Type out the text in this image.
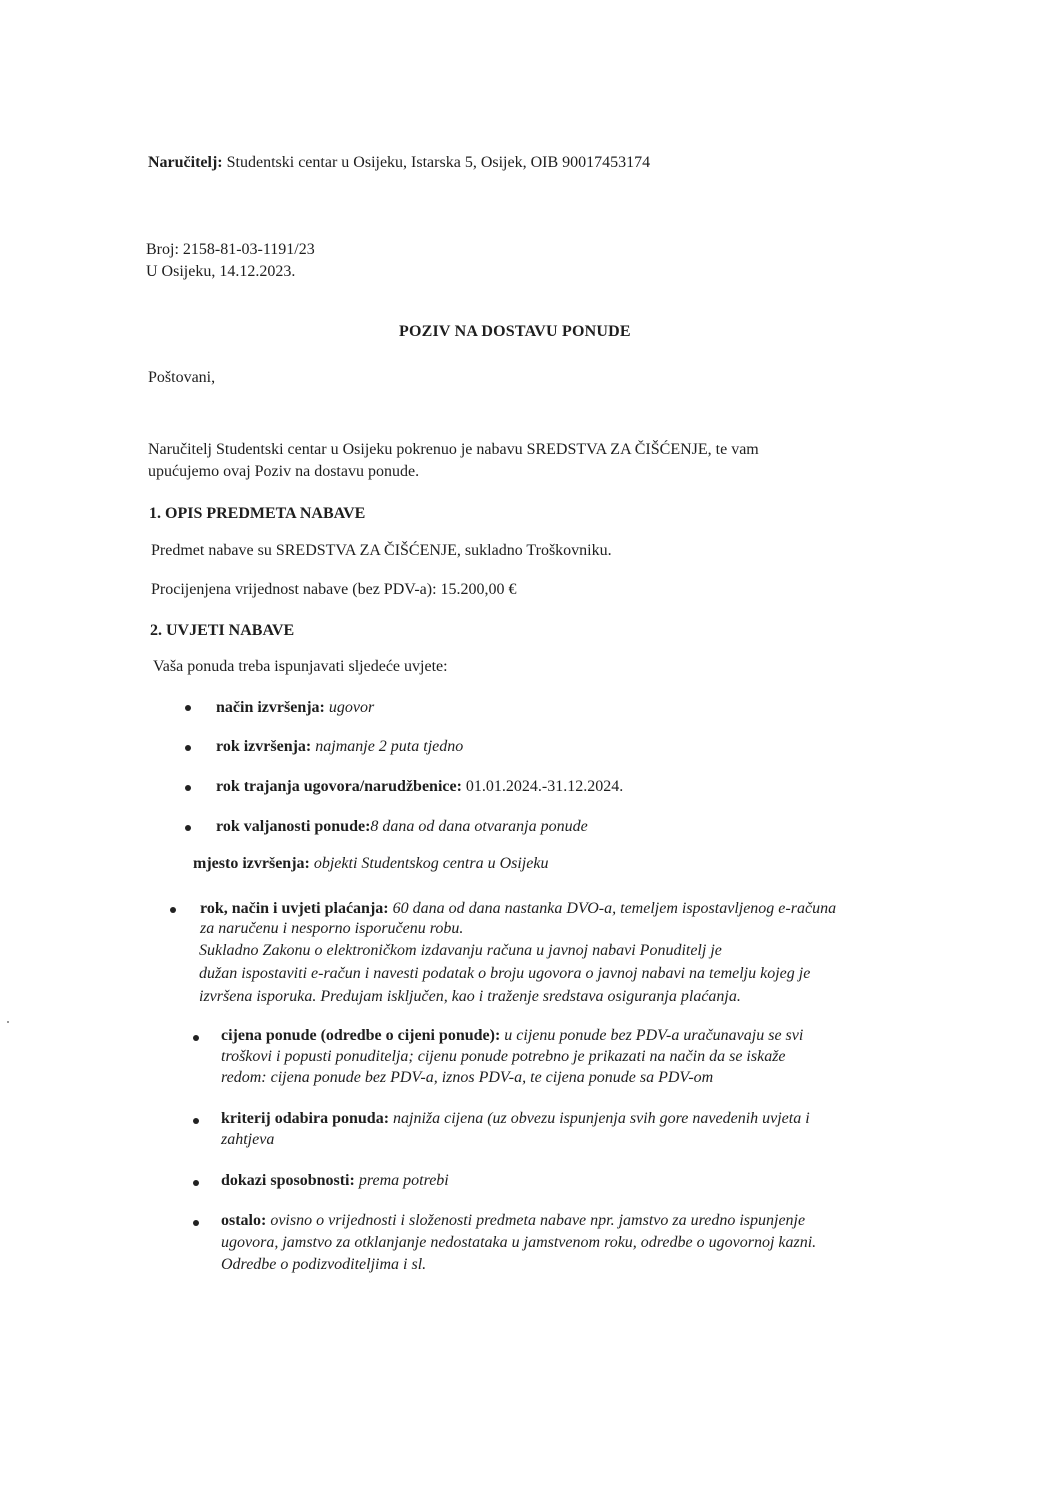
Naručitelj: Studentski centar u Osijeku, Istarska 5, Osijek, OIB 90017453174
Broj: 2158-81-03-1191/23
U Osijeku, 14.12.2023.
POZIV NA DOSTAVU PONUDE
Poštovani,
Naručitelj Studentski centar u Osijeku pokrenuo je nabavu SREDSTVA ZA ČIŠĆENJE, te vam
upućujemo ovaj Poziv na dostavu ponude.
1. OPIS PREDMETA NABAVE
Predmet nabave su SREDSTVA ZA ČIŠĆENJE, sukladno Troškovniku.
Procijenjena vrijednost nabave (bez PDV-a): 15.200,00 €
2. UVJETI NABAVE
Vaša ponuda treba ispunjavati sljedeće uvjete:
način izvršenja: ugovor
rok izvršenja: najmanje 2 puta tjedno
rok trajanja ugovora/narudžbenice: 01.01.2024.-31.12.2024.
rok valjanosti ponude:8 dana od dana otvaranja ponude
mjesto izvršenja: objekti Studentskog centra u Osijeku
rok, način i uvjeti plaćanja: 60 dana od dana nastanka DVO-a, temeljem ispostavljenog e-računa
za naručenu i nesporno isporučenu robu.
Sukladno Zakonu o elektroničkom izdavanju računa u javnoj nabavi Ponuditelj je
dužan ispostaviti e-račun i navesti podatak o broju ugovora o javnoj nabavi na temelju kojeg je
izvršena isporuka. Predujam isključen, kao i traženje sredstava osiguranja plaćanja.
cijena ponude (odredbe o cijeni ponude): u cijenu ponude bez PDV-a uračunavaju se svi
troškovi i popusti ponuditelja; cijenu ponude potrebno je prikazati na način da se iskaže
redom: cijena ponude bez PDV-a, iznos PDV-a, te cijena ponude sa PDV-om
kriterij odabira ponuda: najniža cijena (uz obvezu ispunjenja svih gore navedenih uvjeta i
zahtjeva
dokazi sposobnosti: prema potrebi
ostalo: ovisno o vrijednosti i složenosti predmeta nabave npr. jamstvo za uredno ispunjenje
ugovora, jamstvo za otklanjanje nedostataka u jamstvenom roku, odredbe o ugovornoj kazni.
Odredbe o podizvoditeljima i sl.
